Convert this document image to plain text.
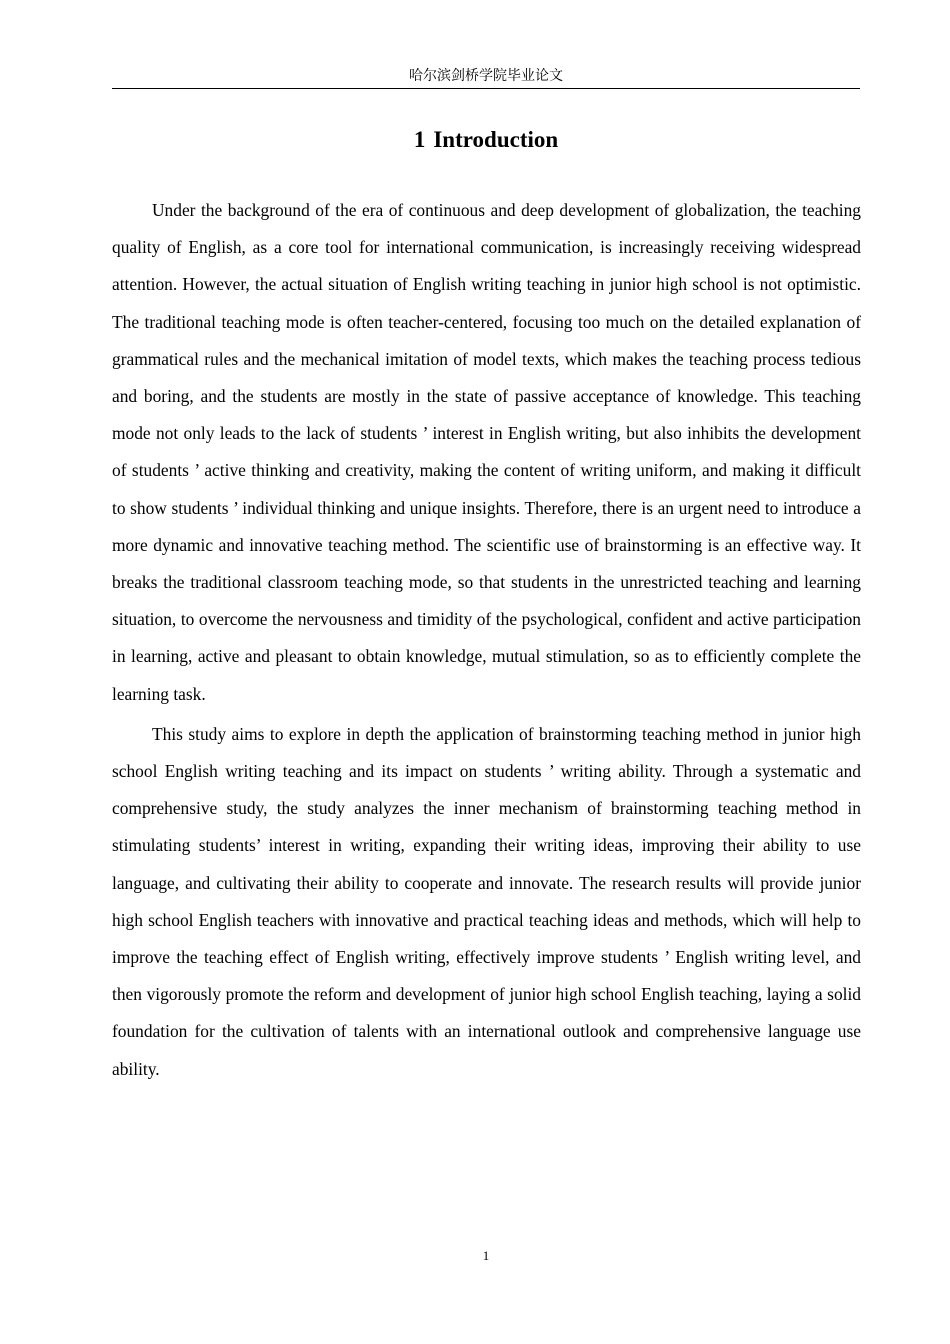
哈尔滨剑桥学院毕业论文
1 Introduction

Under the background of the era of continuous and deep development of globalization, the teaching quality of English, as a core tool for international communication, is increasingly receiving widespread attention. However, the actual situation of English writing teaching in junior high school is not optimistic. The traditional teaching mode is often teacher-centered, focusing too much on the detailed explanation of grammatical rules and the mechanical imitation of model texts, which makes the teaching process tedious and boring, and the students are mostly in the state of passive acceptance of knowledge. This teaching mode not only leads to the lack of students ’ interest in English writing, but also inhibits the development of students ’ active thinking and creativity, making the content of writing uniform, and making it difficult to show students ’ individual thinking and unique insights. Therefore, there is an urgent need to introduce a more dynamic and innovative teaching method. The scientific use of brainstorming is an effective way. It breaks the traditional classroom teaching mode, so that students in the unrestricted teaching and learning situation, to overcome the nervousness and timidity of the psychological, confident and active participation in learning, active and pleasant to obtain knowledge, mutual stimulation, so as to efficiently complete the learning task.

This study aims to explore in depth the application of brainstorming teaching method in junior high school English writing teaching and its impact on students ’ writing ability. Through a systematic and comprehensive study, the study analyzes the inner mechanism of brainstorming teaching method in stimulating students’ interest in writing, expanding their writing ideas, improving their ability to use language, and cultivating their ability to cooperate and innovate. The research results will provide junior high school English teachers with innovative and practical teaching ideas and methods, which will help to improve the teaching effect of English writing, effectively improve students ’ English writing level, and then vigorously promote the reform and development of junior high school English teaching, laying a solid foundation for the cultivation of talents with an international outlook and comprehensive language use ability.

1
